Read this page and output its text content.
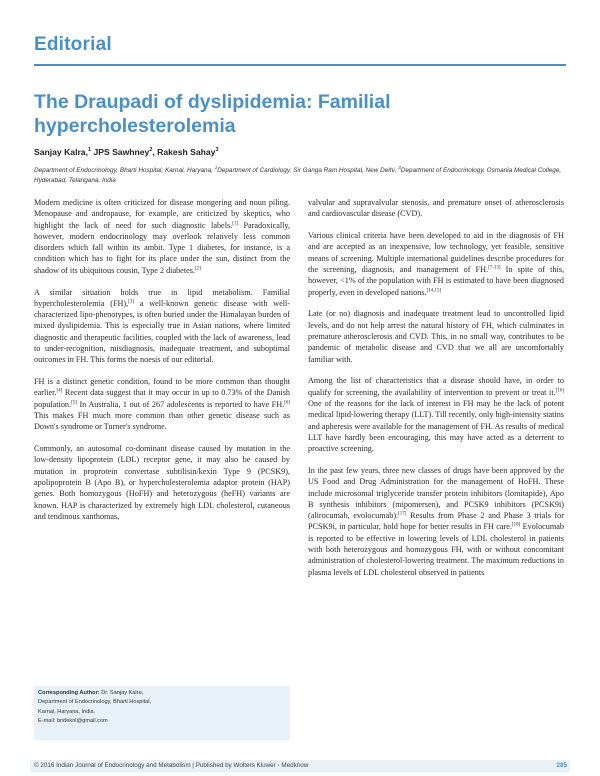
Editorial
The Draupadi of dyslipidemia: Familial hypercholesterolemia
Sanjay Kalra,$^1$ JPS Sawhney$^2$, Rakesh Sahay$^3$
Department of Endocrinology, Bharti Hospital, Karnal, Haryana, $^1$Department of Cardiology, Sir Ganga Ram Hospital, New Delhi, $^3$Department of Endocrinology, Osmania Medical College, Hyderabad, Telangana, India

Modern medicine is often criticized for disease mongering and noun piling. Menopause and andropause, for example, are criticized by skeptics, who highlight the lack of need for such diagnostic labels.[1] Paradoxically, however, modern endocrinology may overlook relatively less common disorders which fall within its ambit. Type 1 diabetes, for instance, is a condition which has to fight for its place under the sun, distinct from the shadow of its ubiquitous cousin, Type 2 diabetes.[2]

A similar situation holds true in lipid metabolism. Familial hypercholesterolemia (FH),[3] a well-known genetic disease with well-characterized lipo-phenotypes, is often buried under the Himalayan burden of mixed dyslipidemia. This is especially true in Asian nations, where limited diagnostic and therapeutic facilities, coupled with the lack of awareness, lead to under-recognition, misdiagnosis, inadequate treatment, and suboptimal outcomes in FH. This forms the noesis of our editorial.

FH is a distinct genetic condition, found to be more common than thought earlier.[4] Recent data suggest that it may occur in up to 0.73% of the Danish population.[5] In Australia, 1 out of 267 adolescents is reported to have FH.[6] This makes FH much more common than other genetic disease such as Down's syndrome or Turner's syndrome.

Commonly, an autosomal co-dominant disease caused by mutation in the low-density lipoprotein (LDL) receptor gene, it may also be caused by mutation in proprotein convertase subtilisin/kexin Type 9 (PCSK9), apolipoprotein B (Apo B), or hypercholesterolemia adaptor protein (HAP) genes. Both homozygous (HoFH) and heterozygous (heFH) variants are known. HAP is characterized by extremely high LDL cholesterol, cutaneous and tendinous xanthomas,

valvular and supravalvular stenosis, and premature onset of atherosclerosis and cardiovascular disease (CVD).

Various clinical criteria have been developed to aid in the diagnosis of FH and are accepted as an inexpensive, low technology, yet feasible, sensitive means of screening. Multiple international guidelines describe procedures for the screening, diagnosis, and management of FH.[7-13] In spite of this, however, <1% of the population with FH is estimated to have been diagnosed properly, even in developed nations.[14,15]

Late (or no) diagnosis and inadequate treatment lead to uncontrolled lipid levels, and do not help arrest the natural history of FH, which culminates in premature atherosclerosis and CVD. This, in no small way, contributes to be pandemic of metabolic disease and CVD that we all are uncomfortably familiar with.

Among the list of characteristics that a disease should have, in order to qualify for screening, the availability of intervention to prevent or treat it.[16] One of the reasons for the lack of interest in FH may be the lack of potent medical lipid-lowering therapy (LLT). Till recently, only high-intensity statins and apheresis were available for the management of FH. As results of medical LLT have hardly been encouraging, this may have acted as a deterrent to proactive screening.

In the past few years, three new classes of drugs have been approved by the US Food and Drug Administration for the management of HoFH. These include microsomal triglyceride transfer protein inhibitors (lomitapide), Apo B synthesis inhibitors (mipomersen), and PCSK9 inhibitors (PCSK9i) (alirocumab, evolocumab).[17] Results from Phase 2 and Phase 3 trials for PCSK9i, in particular, hold hope for better results in FH care.[18] Evolocumab is reported to be effective in lowering levels of LDL cholesterol in patients with both heterozygous and homozygous FH, with or without concomitant administration of cholesterol-lowering treatment. The maximum reductions in plasma levels of LDL cholesterol observed in patients

Corresponding Author: Dr. Sanjay Kalra,
Department of Endocrinology, Bharti Hospital,
Karnal, Haryana, India.
E-mail: brideknl@gmail.com
© 2016 Indian Journal of Endocrinology and Metabolism | Published by Wolters Kluwer - Medknow	285
